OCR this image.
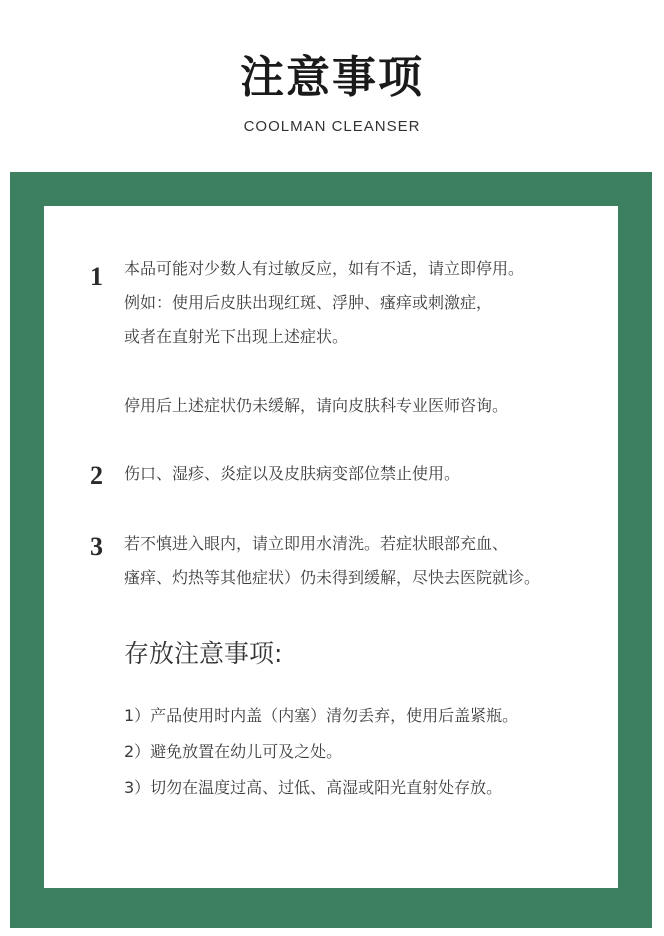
注意事项
COOLMAN CLEANSER
1 本品可能对少数人有过敏反应，如有不适，请立即停用。
例如：使用后皮肤出现红斑、浮肿、瘙痒或刺激症，
或者在直射光下出现上述症状。
停用后上述症状仍未缓解，请向皮肤科专业医师咨询。
2 伤口、湿疹、炎症以及皮肤病变部位禁止使用。
3 若不慎进入眼内，请立即用水清洗。若症状眼部充血、
瘙痒、灼热等其他症状）仍未得到缓解，尽快去医院就诊。
存放注意事项:
1）产品使用时内盖（内塞）清勿丢弃，使用后盖紧瓶。
2）避免放置在幼儿可及之处。
3）切勿在温度过高、过低、高湿或阳光直射处存放。
